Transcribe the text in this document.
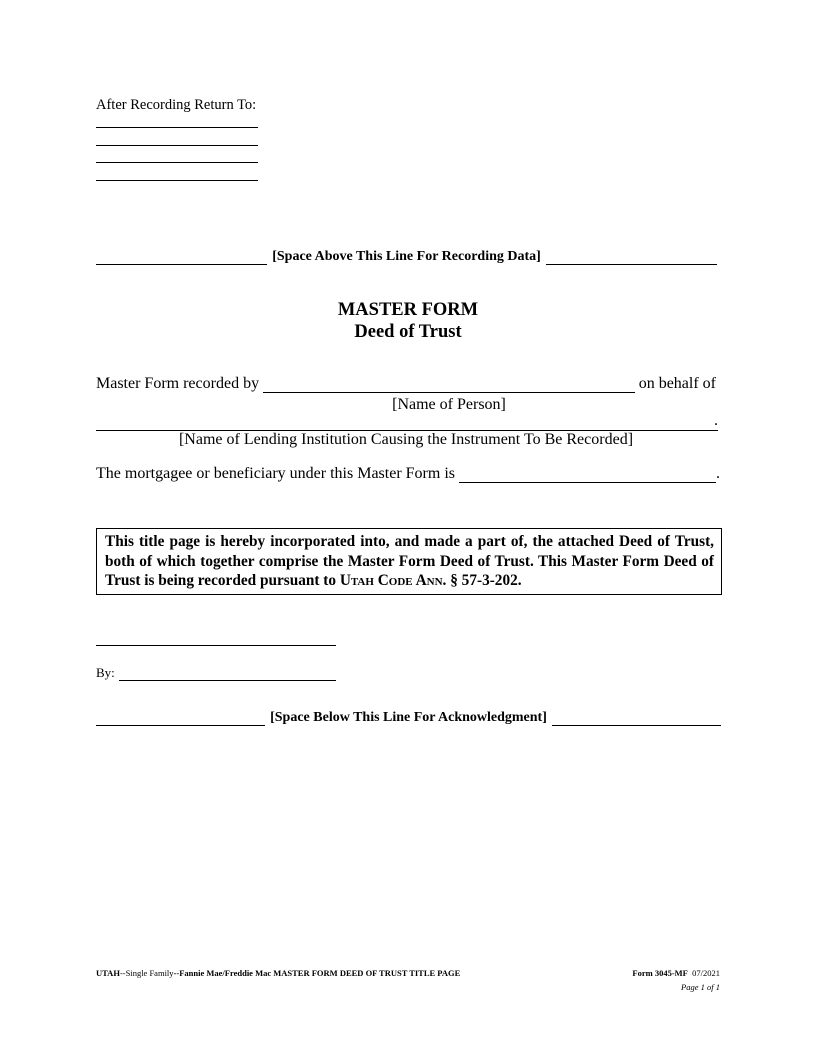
After Recording Return To:
[Space Above This Line For Recording Data]
MASTER FORM
Deed of Trust
Master Form recorded by	on behalf of
[Name of Person]
.
[Name of Lending Institution Causing the Instrument To Be Recorded]
The mortgagee or beneficiary under this Master Form is	.
This title page is hereby incorporated into, and made a part of, the attached Deed of Trust, both of which together comprise the Master Form Deed of Trust. This Master Form Deed of Trust is being recorded pursuant to Utah Code Ann. § 57-3-202.
By:
[Space Below This Line For Acknowledgment]
UTAH--Single Family--Fannie Mae/Freddie Mac MASTER FORM DEED OF TRUST TITLE PAGE	Form 3045-MF 07/2021
Page 1 of 1
